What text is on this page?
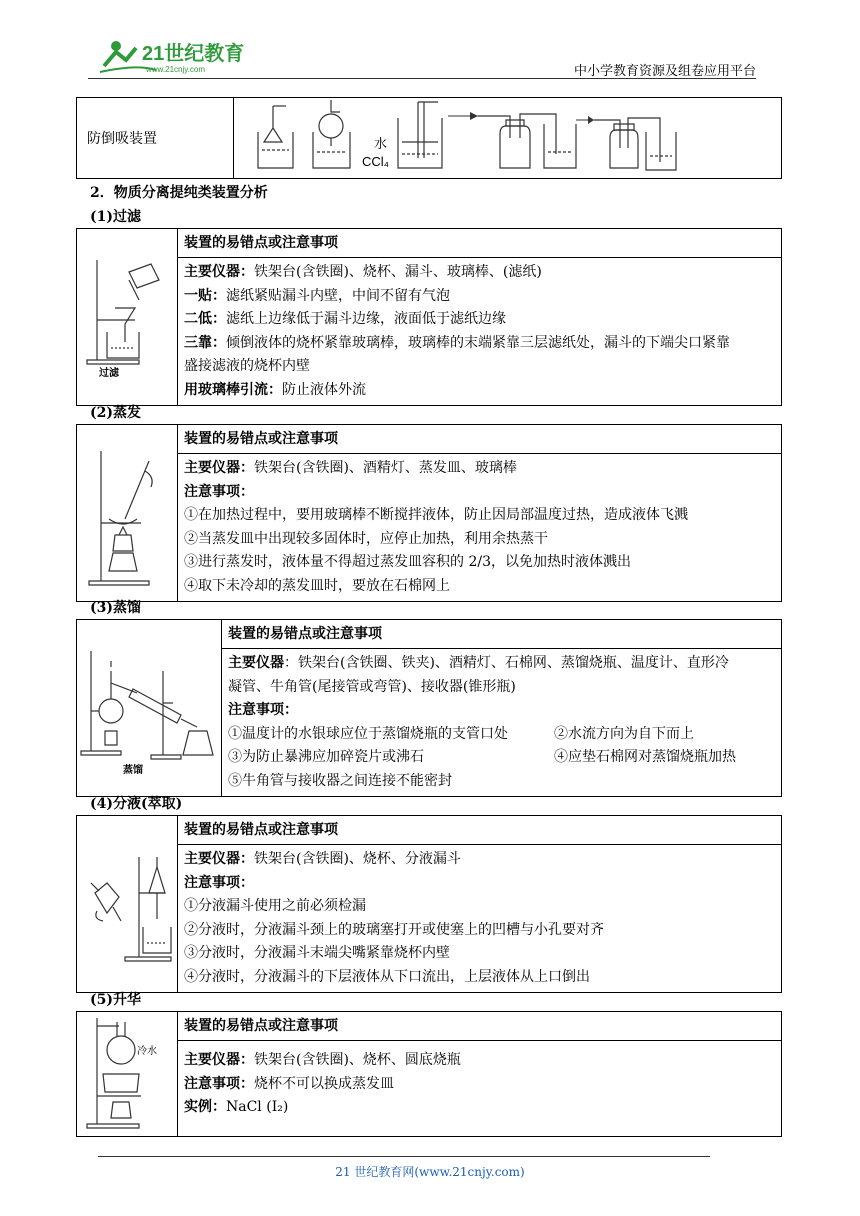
21世纪教育
www.21cnjy.com	中小学教育资源及组卷应用平台
防倒吸装置	水
CCl₄
2．物质分离提纯类装置分析
(1)过滤
过滤
	装置的易错点或注意事项

主要仪器：铁架台(含铁圈)、烧杯、漏斗、玻璃棒、(滤纸)
一贴：滤纸紧贴漏斗内壁，中间不留有气泡
二低：滤纸上边缘低于漏斗边缘，液面低于滤纸边缘
三靠：倾倒液体的烧杯紧靠玻璃棒，玻璃棒的末端紧靠三层滤纸处，漏斗的下端尖口紧靠
盛接滤液的烧杯内壁
用玻璃棒引流：防止液体外流
(2)蒸发
	装置的易错点或注意事项

主要仪器：铁架台(含铁圈)、酒精灯、蒸发皿、玻璃棒
注意事项：
①在加热过程中，要用玻璃棒不断搅拌液体，防止因局部温度过热，造成液体飞溅
②当蒸发皿中出现较多固体时，应停止加热，利用余热蒸干
③进行蒸发时，液体量不得超过蒸发皿容积的 2/3，以免加热时液体溅出
④取下未冷却的蒸发皿时，要放在石棉网上
(3)蒸馏
蒸馏
	装置的易错点或注意事项

主要仪器：铁架台(含铁圈、铁夹)、酒精灯、石棉网、蒸馏烧瓶、温度计、直形冷
凝管、牛角管(尾接管或弯管)、接收器(锥形瓶)
注意事项：
①温度计的水银球应位于蒸馏烧瓶的支管口处	②水流方向为自下而上
③为防止暴沸应加碎瓷片或沸石	④应垫石棉网对蒸馏烧瓶加热
⑤牛角管与接收器之间连接不能密封
(4)分液(萃取)
	装置的易错点或注意事项

主要仪器：铁架台(含铁圈)、烧杯、分液漏斗
注意事项：
①分液漏斗使用之前必须检漏
②分液时，分液漏斗颈上的玻璃塞打开或使塞上的凹槽与小孔要对齐
③分液时，分液漏斗末端尖嘴紧靠烧杯内壁
④分液时，分液漏斗的下层液体从下口流出，上层液体从上口倒出
(5)升华
冷水
	装置的易错点或注意事项

主要仪器：铁架台(含铁圈)、烧杯、圆底烧瓶
注意事项：烧杯不可以换成蒸发皿
实例：NaCl (I₂)
21 世纪教育网(www.21cnjy.com)
